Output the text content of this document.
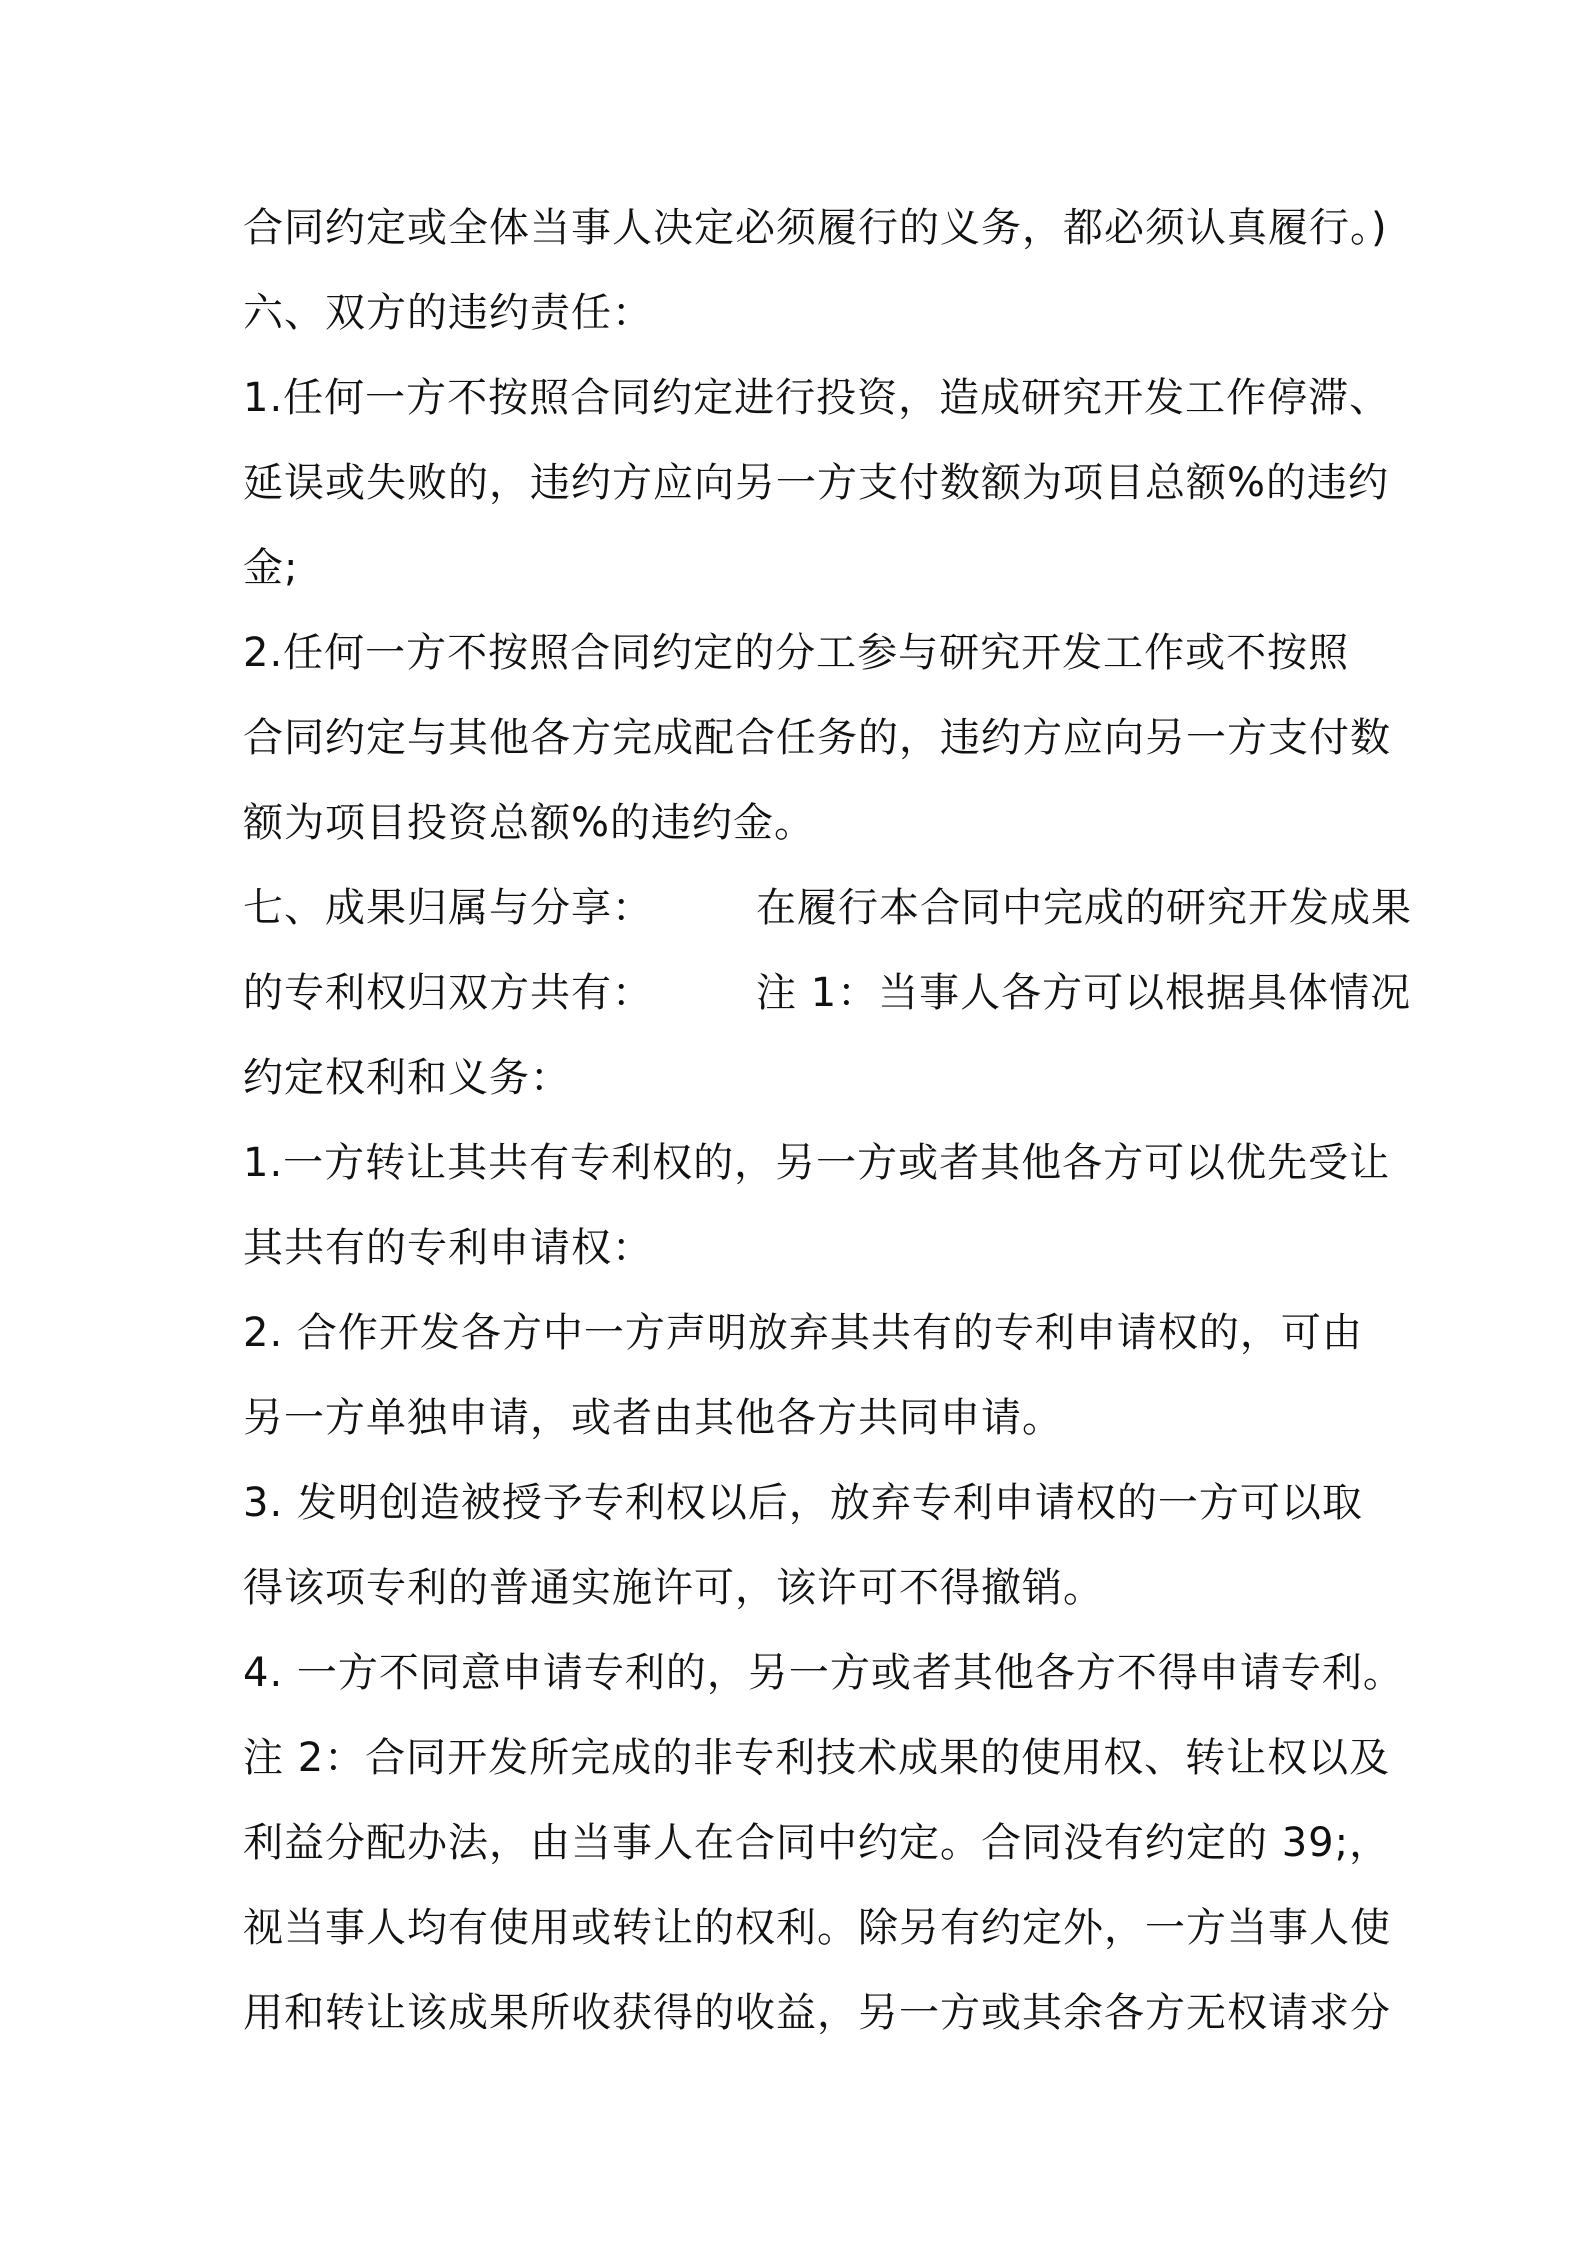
合同约定或全体当事人决定必须履行的义务，都必须认真履行。)
六、双方的违约责任：
1.任何一方不按照合同约定进行投资，造成研究开发工作停滞、
延误或失败的，违约方应向另一方支付数额为项目总额%的违约
金;
2.任何一方不按照合同约定的分工参与研究开发工作或不按照
合同约定与其他各方完成配合任务的，违约方应向另一方支付数
额为项目投资总额%的违约金。
七、成果归属与分享：　　　在履行本合同中完成的研究开发成果
的专利权归双方共有：　　　注 1：当事人各方可以根据具体情况
约定权利和义务：
1.一方转让其共有专利权的，另一方或者其他各方可以优先受让
其共有的专利申请权：
2. 合作开发各方中一方声明放弃其共有的专利申请权的，可由
另一方单独申请，或者由其他各方共同申请。
3. 发明创造被授予专利权以后，放弃专利申请权的一方可以取
得该项专利的普通实施许可，该许可不得撤销。
4. 一方不同意申请专利的，另一方或者其他各方不得申请专利。
注 2：合同开发所完成的非专利技术成果的使用权、转让权以及
利益分配办法，由当事人在合同中约定。合同没有约定的 39;，
视当事人均有使用或转让的权利。除另有约定外，一方当事人使
用和转让该成果所收获得的收益，另一方或其余各方无权请求分
